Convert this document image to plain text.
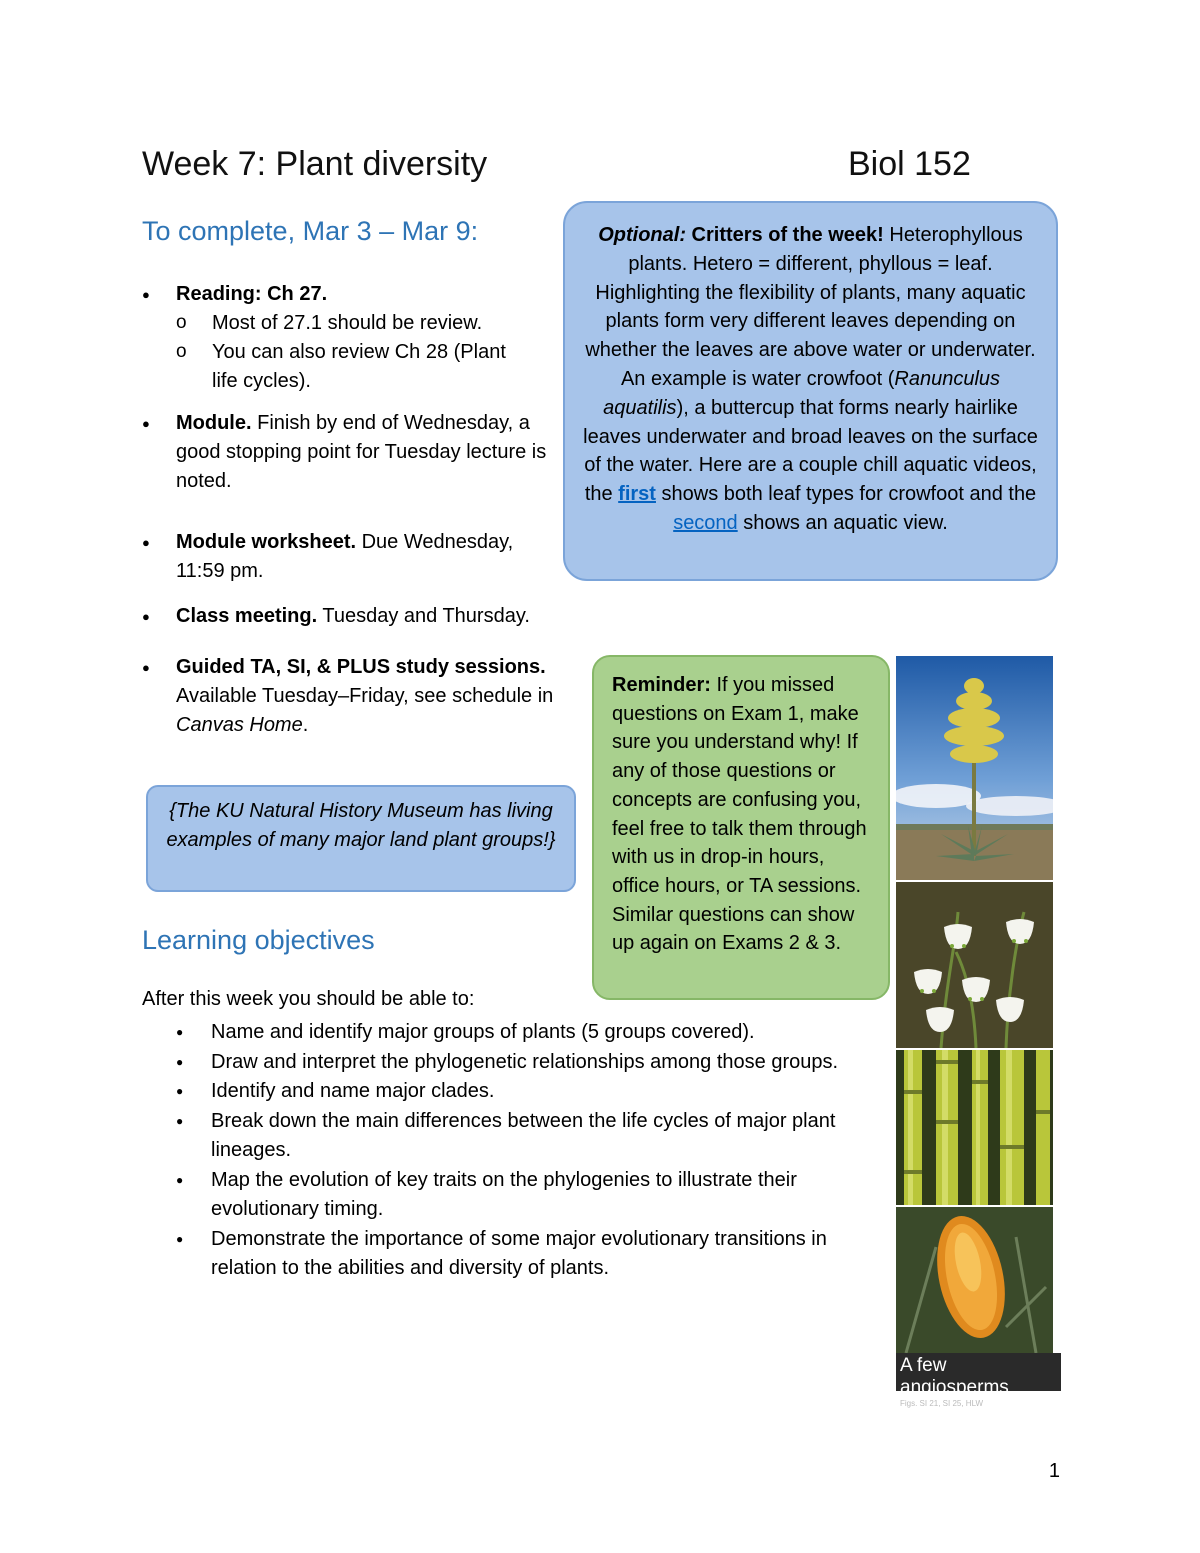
Week 7: Plant diversity	Biol 152
To complete, Mar 3 – Mar 9:
● Reading: Ch 27.
o Most of 27.1 should be review.
o You can also review Ch 28 (Plant life cycles).
● Module. Finish by end of Wednesday, a good stopping point for Tuesday lecture is noted.
● Module worksheet. Due Wednesday, 11:59 pm.
● Class meeting. Tuesday and Thursday.
● Guided TA, SI, & PLUS study sessions. Available Tuesday–Friday, see schedule in Canvas Home.
{The KU Natural History Museum has living examples of many major land plant groups!}
Optional: Critters of the week! Heterophyllous plants. Hetero = different, phyllous = leaf. Highlighting the flexibility of plants, many aquatic plants form very different leaves depending on whether the leaves are above water or underwater. An example is water crowfoot (Ranunculus aquatilis), a buttercup that forms nearly hairlike leaves underwater and broad leaves on the surface of the water. Here are a couple chill aquatic videos, the first shows both leaf types for crowfoot and the second shows an aquatic view.
Reminder: If you missed questions on Exam 1, make sure you understand why! If any of those questions or concepts are confusing you, feel free to talk them through with us in drop-in hours, office hours, or TA sessions. Similar questions can show up again on Exams 2 & 3.
Learning objectives
After this week you should be able to:
● Name and identify major groups of plants (5 groups covered).
● Draw and interpret the phylogenetic relationships among those groups.
● Identify and name major clades.
● Break down the main differences between the life cycles of major plant lineages.
● Map the evolution of key traits on the phylogenies to illustrate their evolutionary timing.
● Demonstrate the importance of some major evolutionary transitions in relation to the abilities and diversity of plants.
A few angiosperms
Figs. SI 21, SI 25, HLW
1
